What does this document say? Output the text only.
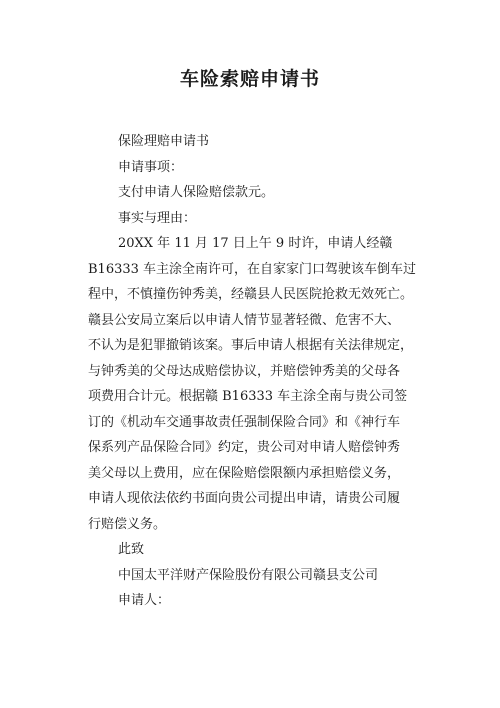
车险索赔申请书
保险理赔申请书
申请事项：
支付申请人保险赔偿款元。
事实与理由：
20XX 年 11 月 17 日上午 9 时许，申请人经赣
B16333 车主涂全南许可，在自家家门口驾驶该车倒车过
程中，不慎撞伤钟秀美，经赣县人民医院抢救无效死亡。
赣县公安局立案后以申请人情节显著轻微、危害不大、
不认为是犯罪撤销该案。事后申请人根据有关法律规定，
与钟秀美的父母达成赔偿协议，并赔偿钟秀美的父母各
项费用合计元。根据赣 B16333 车主涂全南与贵公司签
订的《机动车交通事故责任强制保险合同》和《神行车
保系列产品保险合同》约定，贵公司对申请人赔偿钟秀
美父母以上费用，应在保险赔偿限额内承担赔偿义务，
申请人现依法依约书面向贵公司提出申请，请贵公司履
行赔偿义务。
此致
中国太平洋财产保险股份有限公司赣县支公司
申请人：
